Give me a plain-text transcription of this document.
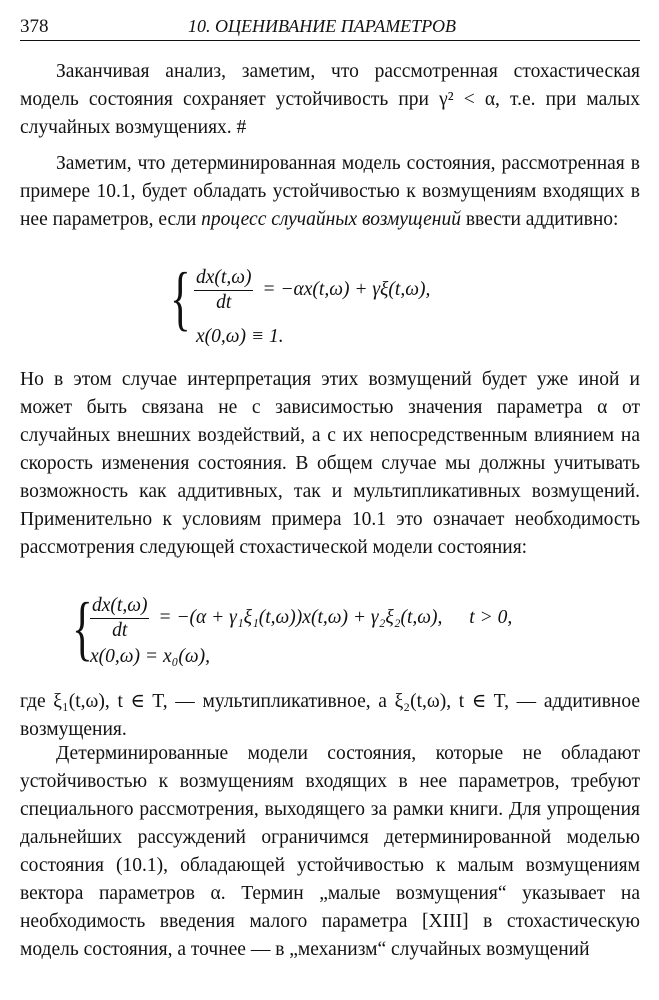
378	10. ОЦЕНИВАНИЕ ПАРАМЕТРОВ
Заканчивая анализ, заметим, что рассмотренная стохастическая модель состояния сохраняет устойчивость при γ² < α, т.е. при малых случайных возмущениях. #
Заметим, что детерминированная модель состояния, рассмотренная в примере 10.1, будет обладать устойчивостью к возмущениям входящих в нее параметров, если процесс случайных возмущений ввести аддитивно:
{ $\frac{dx(t,\omega)}{dt} = -\alpha x(t,\omega) + \gamma\xi(t,\omega)$,
x(0,ω) ≡ 1.
Но в этом случае интерпретация этих возмущений будет уже иной и может быть связана не с зависимостью значения параметра α от случайных внешних воздействий, а с их непосредственным влиянием на скорость изменения состояния. В общем случае мы должны учитывать возможность как аддитивных, так и мультипликативных возмущений. Применительно к условиям примера 10.1 это означает необходимость рассмотрения следующей стохастической модели состояния:
{
$\frac{dx(t,\omega)}{dt} = -(\alpha + \gamma_1\xi_1(t,\omega))x(t,\omega) + \gamma_2\xi_2(t,\omega)$, t > 0,
x(0,ω) = x₀(ω),
где ξ₁(t,ω), t ∈ T, — мультипликативное, а ξ₂(t,ω), t ∈ T, — аддитивное возмущения.
Детерминированные модели состояния, которые не обладают устойчивостью к возмущениям входящих в нее параметров, требуют специального рассмотрения, выходящего за рамки книги. Для упрощения дальнейших рассуждений ограничимся детерминированной моделью состояния (10.1), обладающей устойчивостью к малым возмущениям вектора параметров α. Термин „малые возмущения“ указывает на необходимость введения малого параметра [XIII] в стохастическую модель состояния, а точнее — в „механизм“ случайных возмущений
